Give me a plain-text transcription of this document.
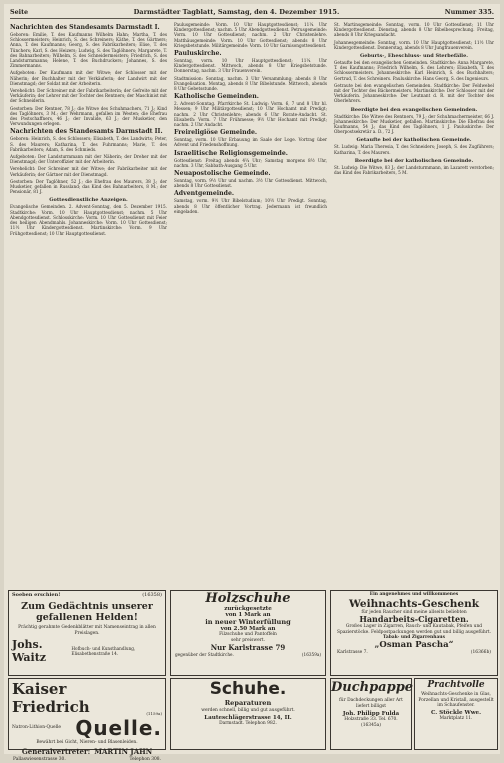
Seite	Darmstädter Tagblatt, Samstag, den 4. Dezember 1915.	Nummer 335.
Nachrichten des Standesamts Darmstadt I.
Geboren: Emilie, T. des Kaufmanns Wilhelm Hahn; Martha, T. des Schlossermeisters; Heinrich, S. des Schreiners; Käthe, T. des Gärtners; Anna, T. des Kaufmanns; Georg, S. des Fabrikarbeiters; Elise, T. des Tünchers; Karl, S. des Heizers; Ludwig, S. des Taglöhners; Margarete, T. des Bahnarbeiters; Wilhelm, S. des Schneidermeisters; Friedrich, S. des Landsturmmanns; Helene, T. des Buchdruckers; Johannes, S. des Zimmermanns.
Aufgeboten: Der Kaufmann mit der Witwe; der Schlosser mit der Näherin; der Buchhalter mit der Verkäuferin; der Landwirt mit der Dienstmagd; der Soldat mit der Arbeiterin.
Verehelicht: Der Schreiner mit der Fabrikarbeiterin; der Gefreite mit der Verkäuferin; der Lehrer mit der Tochter des Rentners; der Maschinist mit der Schneiderin.
Gestorben: Der Rentner, 78 J.; die Witwe des Schuhmachers, 71 J.; Kind des Taglöhners, 3 M.; der Wehrmann, gefallen im Westen; die Ehefrau des Postschaffners, 46 J.; der Invalide, 63 J.; der Musketier, den Verwundungen erlegen.
Nachrichten des Standesamts Darmstadt II.
Geboren: Heinrich, S. des Schlossers; Elisabeth, T. des Landwirts; Peter, S. des Maurers; Katharina, T. des Fuhrmanns; Marie, T. des Fabrikarbeiters; Adam, S. des Schmieds.
Aufgeboten: Der Landsturmmann mit der Näherin; der Dreher mit der Dienstmagd; der Unteroffizier mit der Arbeiterin.
Verehelicht: Der Schreiner mit der Witwe; der Fabrikarbeiter mit der Verkäuferin; der Gärtner mit der Dienstmagd.
Gestorben: Der Taglöhner, 52 J.; die Ehefrau des Maurers, 38 J.; der Musketier, gefallen in Russland; das Kind des Bahnarbeiters, 8 M.; der Pensionär, 81 J.
Gottesdienstliche Anzeigen.
Evangelische Gemeinden. 2. Advent-Sonntag, den 5. Dezember 1915. Stadtkirche: Vorm. 10 Uhr Hauptgottesdienst; nachm. 5 Uhr Abendgottesdienst. Schlosskirche: Vorm. 10 Uhr Gottesdienst mit Feier des heiligen Abendmahls. Johanneskirche: Vorm. 10 Uhr Gottesdienst; 11½ Uhr Kindergottesdienst. Martinskirche: Vorm. 9 Uhr Frühgottesdienst; 10 Uhr Hauptgottesdienst.
Paulusgemeinde: Vorm. 10 Uhr Hauptgottesdienst; 11¼ Uhr Kindergottesdienst; nachm. 5 Uhr Abendgottesdienst. Petrusgemeinde: Vorm. 10 Uhr Gottesdienst; nachm. 2 Uhr Christenlehre. Matthäusgemeinde: Vorm. 10 Uhr Gottesdienst; abends 8 Uhr Kriegsbetstunde. Militärgemeinde: Vorm. 10 Uhr Garnisongottesdienst.
Pauluskirche.
Sonntag, vorm. 10 Uhr Hauptgottesdienst; 11¼ Uhr Kindergottesdienst. Mittwoch, abends 8 Uhr Kriegsbetstunde. Donnerstag, nachm. 3 Uhr Frauenverein.
Stadtmission: Sonntag, nachm. 3 Uhr Versammlung; abends 8 Uhr Evangelisation. Montag, abends 8 Uhr Bibelstunde. Mittwoch, abends 8 Uhr Gebetsstunde.
Katholische Gemeinden.
2. Advent-Sonntag. Pfarrkirche St. Ludwig: Vorm. 6, 7 und 8 Uhr hl. Messen; 9 Uhr Militärgottesdienst; 10 Uhr Hochamt mit Predigt; nachm. 2 Uhr Christenlehre; abends 6 Uhr Rorate-Andacht. St. Elisabeth: Vorm. 7 Uhr Frühmesse; 9½ Uhr Hochamt mit Predigt; nachm. 2 Uhr Andacht.
Freireligiöse Gemeinde.
Sonntag, vorm. 10 Uhr Erbauung im Saale der Loge. Vortrag über Advent und Friedenshoffnung.
Israelitische Religionsgemeinde.
Gottesdienst: Freitag abends 4¼ Uhr; Samstag morgens 8½ Uhr, nachm. 3 Uhr, Sabbath-Ausgang 5 Uhr.
Neuapostolische Gemeinde.
Sonntag, vorm. 9½ Uhr und nachm. 3½ Uhr Gottesdienst. Mittwoch, abends 8 Uhr Gottesdienst.
Adventgemeinde.
Samstag, vorm. 9½ Uhr Bibelstudium; 10½ Uhr Predigt. Sonntag, abends 8 Uhr öffentlicher Vortrag. Jedermann ist freundlich eingeladen.
St. Martinsgemeinde: Sonntag, vorm. 10 Uhr Gottesdienst; 11 Uhr Kindergottesdienst. Dienstag, abends 8 Uhr Bibelbesprechung. Freitag, abends 8 Uhr Kriegsandacht.
Johannesgemeinde: Sonntag, vorm. 10 Uhr Hauptgottesdienst; 11½ Uhr Kindergottesdienst. Donnerstag, abends 8 Uhr Jungfrauenverein.
Geburts-, Eheschluss- und Sterbefälle.
Getaufte bei den evangelischen Gemeinden. Stadtkirche: Anna Margarete, T. des Kaufmanns; Friedrich Wilhelm, S. des Lehrers; Elisabeth, T. des Schlossermeisters. Johanneskirche: Karl Heinrich, S. des Buchhalters; Gertrud, T. des Schreiners. Pauluskirche: Hans Georg, S. des Ingenieurs.
Getraute bei den evangelischen Gemeinden. Stadtkirche: Der Feldwebel mit der Tochter des Bäckermeisters. Martinskirche: Der Schlosser mit der Verkäuferin. Johanneskirche: Der Leutnant d. R. mit der Tochter des Oberlehrers.
Beerdigte bei den evangelischen Gemeinden.
Stadtkirche: Die Witwe des Rentners, 79 J.; der Schuhmachermeister, 66 J. Johanneskirche: Der Musketier, gefallen. Martinskirche: Die Ehefrau des Kaufmanns, 54 J.; das Kind des Taglöhners, 1 J. Pauluskirche: Der Oberpostsekretär a. D., 72 J.
Getaufte bei der katholischen Gemeinde.
St. Ludwig: Maria Theresia, T. des Schneiders; Joseph, S. des Zugführers; Katharina, T. des Maurers.
Beerdigte bei der katholischen Gemeinde.
St. Ludwig: Die Witwe, 83 J.; der Landsturmmann, im Lazarett verstorben; das Kind des Fabrikarbeiters, 5 M.
Soeben erschien!	(16358)
Zum Gedächtnis unserer
gefallenen Helden!
Prächtig gerahmte Gedenkblätter mit Namenseintrag in allen Preislagen.
Johs. Waitz
Hofbuch- und Kunsthandlung, Elisabethenstraße 14.
Kaiser Friedrich	(1159a)
Natron-Lithion-Quelle Quelle.
Bewährt bei Gicht, Nieren- und Blasenleiden.
Generalvertreter: MARTIN JAHN
Pallaswiesenstrasse 30.	Telephon 308.
Holzschuhe
zurückgesetzte
von 1 Mark an
in neuer Winterfüllung
von 2.50 Mark an
Filzschuhe und Pantoffeln
sehr preiswert.
Nur Karlstrasse 79
gegenüber der Stadtkirche.	(16359a)
Schuhe.
Reparaturen
werden schnell, billig und gut ausgeführt.
Lauteschlägerstrasse 14, II.
Darmstadt. Telephon 982.
Ein angenehmes und willkommenes
Weihnachts-Geschenk
für jeden Raucher sind meine allseits beliebten
Handarbeits-Cigaretten.
Großes Lager in Zigarren, Rauch- und Kautabak, Pfeifen und Spazierstöcke. Feldpostpackungen werden gut und billig ausgeführt.
Tabak- und Zigarrenhaus
„Osman Pascha“
Karlstrasse 7.	(16366b)
Duchpappe
für Dachdeckungen aller Art liefert billigst
Joh. Philipp Fulda
Holzstraße 33. Tel. 670.
(16345a)
Prachtvolle
Weihnachts-Geschenke in Glas, Porzellan und Kristall, ausgestellt im Schaufenster.
C. Stöckle Wwe.
Marktplatz 11.
